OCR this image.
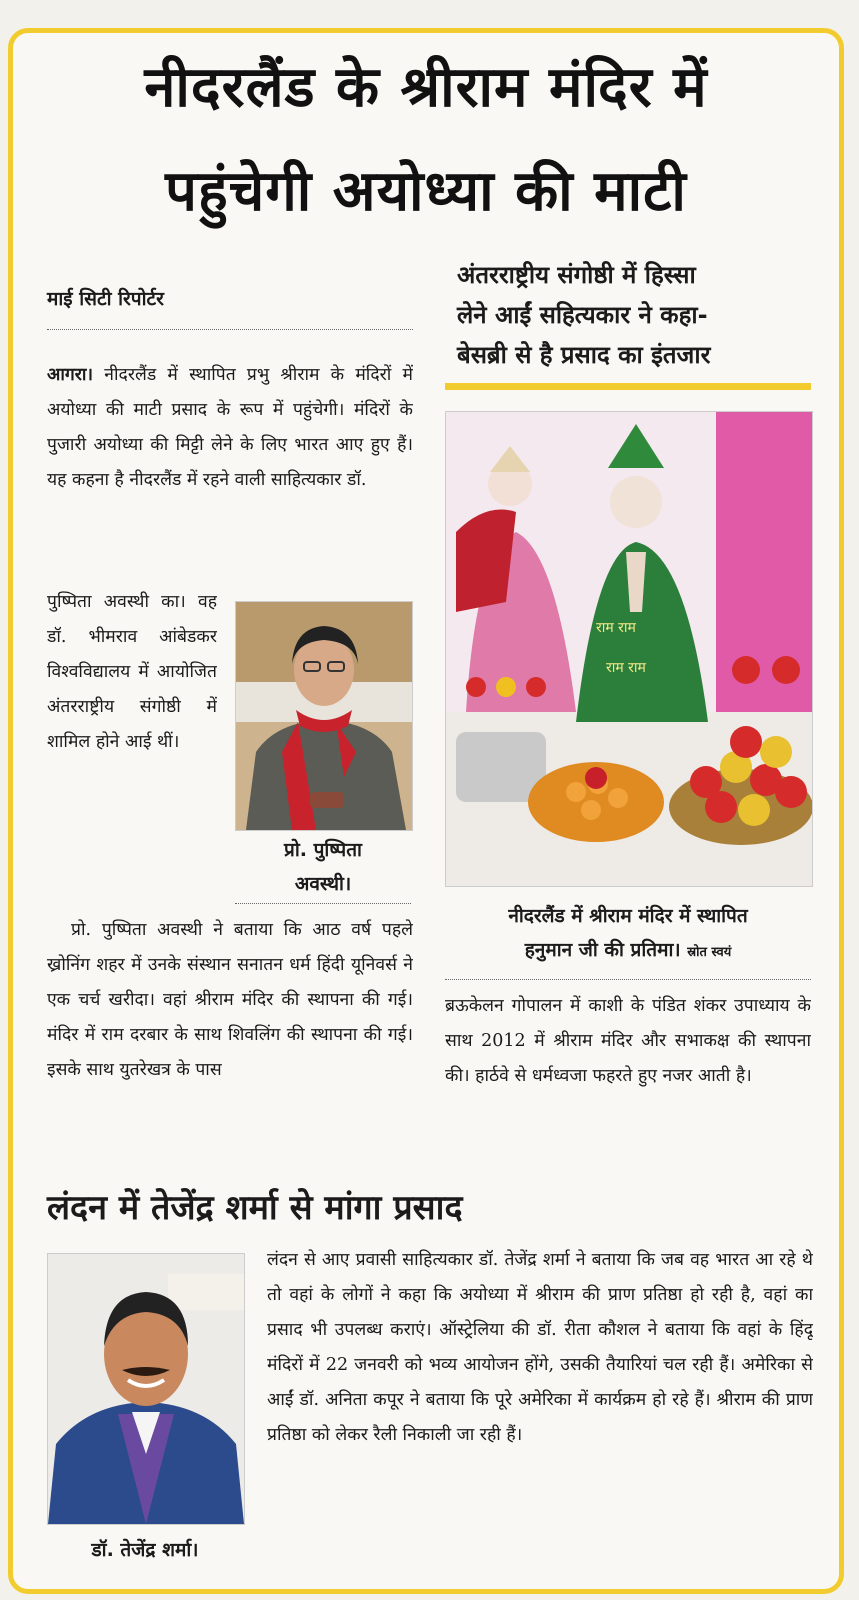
नीदरलैंड के श्रीराम मंदिर में
पहुंचेगी अयोध्या की माटी
माई सिटी रिपोर्टर
अंतरराष्ट्रीय संगोष्ठी में हिस्सा
लेने आईं सहित्यकार ने कहा-
बेसब्री से है प्रसाद का इंतजार
आगरा। नीदरलैंड में स्थापित प्रभु श्रीराम के मंदिरों में अयोध्या की माटी प्रसाद के रूप में पहुंचेगी। मंदिरों के पुजारी अयोध्या की मिट्टी लेने के लिए भारत आए हुए हैं। यह कहना है नीदरलैंड में रहने वाली साहित्यकार डॉ.
पुष्पिता अवस्थी का। वह डॉ. भीमराव आंबेडकर विश्वविद्यालय में आयोजित अंतरराष्ट्रीय संगोष्ठी में शामिल होने आई थीं।
प्रो. पुष्पिता
अवस्थी।
प्रो. पुष्पिता अवस्थी ने बताया कि आठ वर्ष पहले ख्रोनिंग शहर में उनके संस्थान सनातन धर्म हिंदी यूनिवर्स ने एक चर्च खरीदा। वहां श्रीराम मंदिर की स्थापना की गई। मंदिर में राम दरबार के साथ शिवलिंग की स्थापना की गई। इसके साथ युतरेखत्र के पास
राम राम
राम राम
नीदरलैंड में श्रीराम मंदिर में स्थापित
हनुमान जी की प्रतिमा। स्रोत स्वयं
ब्रऊकेलन गोपालन में काशी के पंडित शंकर उपाध्याय के साथ 2012 में श्रीराम मंदिर और सभाकक्ष की स्थापना की। हार्ठवे से धर्मध्वजा फहरते हुए नजर आती है।
लंदन में तेजेंद्र शर्मा से मांगा प्रसाद
डॉ. तेजेंद्र शर्मा।
लंदन से आए प्रवासी साहित्यकार डॉ. तेजेंद्र शर्मा ने बताया कि जब वह भारत आ रहे थे तो वहां के लोगों ने कहा कि अयोध्या में श्रीराम की प्राण प्रतिष्ठा हो रही है, वहां का प्रसाद भी उपलब्ध कराएं। ऑस्ट्रेलिया की डॉ. रीता कौशल ने बताया कि वहां के हिंदू मंदिरों में 22 जनवरी को भव्य आयोजन होंगे, उसकी तैयारियां चल रही हैं। अमेरिका से आईं डॉ. अनिता कपूर ने बताया कि पूरे अमेरिका में कार्यक्रम हो रहे हैं। श्रीराम की प्राण प्रतिष्ठा को लेकर रैली निकाली जा रही हैं।
